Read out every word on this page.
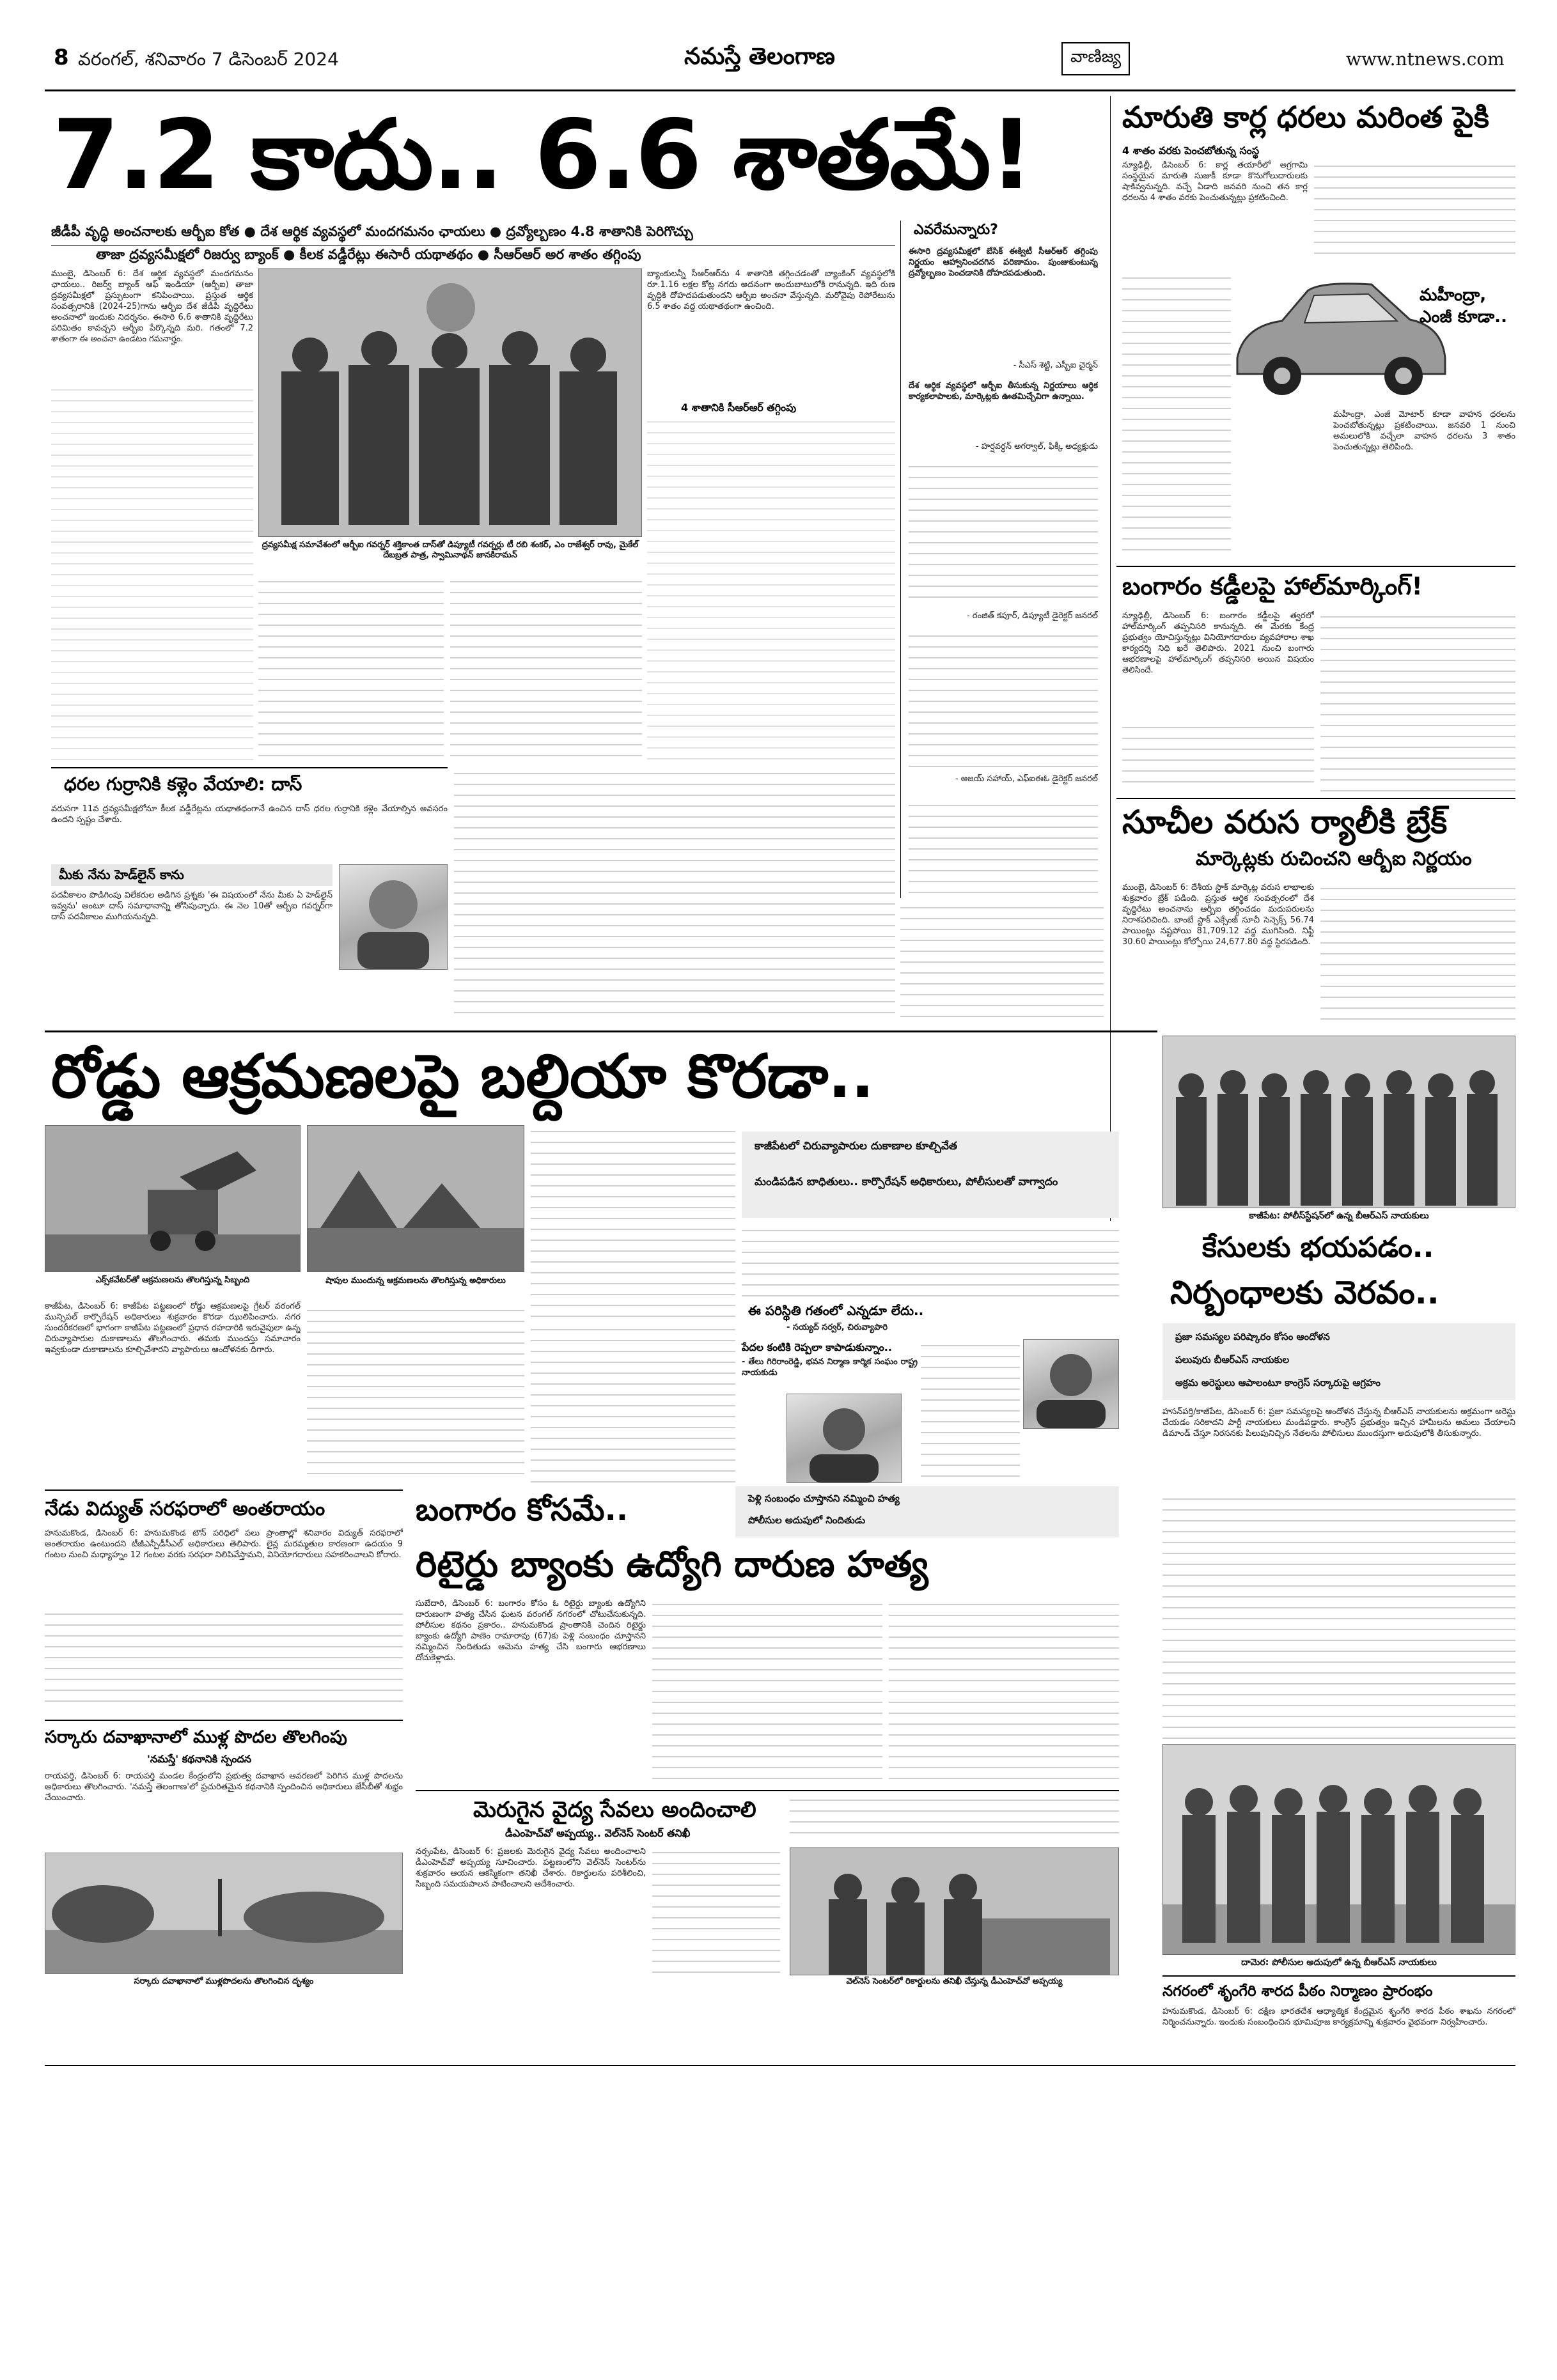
8 వరంగల్, శనివారం 7 డిసెంబర్ 2024	నమస్తే తెలంగాణ	వాణిజ్య	www.ntnews.com
7.2 కాదు.. 6.6 శాతమే!
జీడీపీ వృద్ధి అంచనాలకు ఆర్బీఐ కోత ● దేశ ఆర్థిక వ్యవస్థలో మందగమనం ఛాయలు ● ద్రవ్యోల్బణం 4.8 శాతానికి పెరిగొచ్చు
తాజా ద్రవ్యసమీక్షలో రిజర్వు బ్యాంక్ ● కీలక వడ్డీరేట్లు ఈసారీ యథాతథం ● సీఆర్ఆర్ అర శాతం తగ్గింపు
ముంబై, డిసెంబర్ 6: దేశ ఆర్థిక వ్యవస్థలో మందగమనం ఛాయలు.. రిజర్వ్ బ్యాంక్ ఆఫ్ ఇండియా (ఆర్బీఐ) తాజా ద్రవ్యసమీక్షలో ప్రస్ఫుటంగా కనిపించాయి. ప్రస్తుత ఆర్థిక సంవత్సరానికి (2024-25)గాను ఆర్బీఐ దేశ జీడీపీ వృద్ధిరేటు అంచనాలో ఇందుకు నిదర్శనం. ఈసారి 6.6 శాతానికి వృద్ధిరేటు పరిమితం కావచ్చని ఆర్బీఐ పేర్కొన్నది మరి. గతంలో 7.2 శాతంగా ఈ అంచనా ఉండటం గమనార్హం.
ద్రవ్యసమీక్ష సమావేశంలో ఆర్బీఐ గవర్నర్ శక్తికాంత దాస్‌తో డిప్యూటీ గవర్నర్లు టీ రబి శంకర్, ఎం రాజేశ్వర్ రావు, మైకేల్ దేబబ్రత పాత్ర, స్వామినాథన్ జానకిరామన్
బ్యాంకులన్నీ సీఆర్ఆర్‌ను 4 శాతానికి తగ్గించడంతో బ్యాంకింగ్ వ్యవస్థలోకి రూ.1.16 లక్షల కోట్ల నగదు అదనంగా అందుబాటులోకి రానున్నది. ఇది రుణ వృద్ధికి దోహదపడుతుందని ఆర్బీఐ అంచనా వేస్తున్నది. మరోవైపు రెపోరేటును 6.5 శాతం వద్ద యథాతథంగా ఉంచింది.
4 శాతానికి సీఆర్ఆర్ తగ్గింపు
ఎవరేమన్నారు?
ఈసారి ద్రవ్యసమీక్షలో బేసిక్ ఈక్విటీ సీఆర్ఆర్ తగ్గింపు నిర్ణయం ఆహ్వానించదగిన పరిణామం. పుంజుకుంటున్న ద్రవ్యోల్బణం పెంచడానికి దోహదపడుతుంది.
- సీఎస్ శెట్టి, ఎస్బీఐ చైర్మన్
దేశ ఆర్థిక వ్యవస్థలో ఆర్బీఐ తీసుకున్న నిర్ణయాలు ఆర్థిక కార్యకలాపాలకు, మార్కెట్లకు ఊతమిచ్చేవిగా ఉన్నాయి.
- హర్షవర్ధన్ అగర్వాల్, ఫిక్కీ అధ్యక్షుడు
- రంజిత్ కపూర్, డిప్యూటీ డైరెక్టర్ జనరల్
- అజయ్ సహాయ్, ఎఫ్ఐఈఓ డైరెక్టర్ జనరల్
ధరల గుర్రానికి కళ్లెం వేయాలి: దాస్
వరుసగా 11వ ద్రవ్యసమీక్షలోనూ కీలక వడ్డీరేట్లను యథాతథంగానే ఉంచిన దాస్ ధరల గుర్రానికి కళ్లెం వేయాల్సిన అవసరం ఉందని స్పష్టం చేశారు.
మీకు నేను హెడ్‌లైన్ కాను
పదవీకాలం పొడిగింపు విలేకరుల అడిగిన ప్రశ్నకు 'ఈ విషయంలో నేను మీకు ఏ హెడ్‌లైన్ ఇవ్వను' అంటూ దాస్ సమాధానాన్ని తోసిపుచ్చారు. ఈ నెల 10తో ఆర్బీఐ గవర్నర్‌గా దాస్ పదవీకాలం ముగియనున్నది.
మారుతి కార్ల ధరలు మరింత పైకి
4 శాతం వరకు పెంచబోతున్న సంస్థ
న్యూఢిల్లీ, డిసెంబర్ 6: కార్ల తయారీలో అగ్రగామి సంస్థయైన మారుతి సుజుకీ కూడా కొనుగోలుదారులకు షాకివ్వనున్నది. వచ్చే ఏడాది జనవరి నుంచి తన కార్ల ధరలను 4 శాతం వరకు పెంచుతున్నట్లు ప్రకటించింది.
మహీంద్రా, ఎంజీ కూడా..
మహీంద్రా, ఎంజీ మోటార్ కూడా వాహన ధరలను పెంచబోతున్నట్లు ప్రకటించాయి. జనవరి 1 నుంచి అమలులోకి వచ్చేలా వాహన ధరలను 3 శాతం పెంచుతున్నట్లు తెలిపింది.
బంగారం కడ్డీలపై హాల్‌మార్కింగ్!
న్యూఢిల్లీ, డిసెంబర్ 6: బంగారం కడ్డీలపై త్వరలో హాల్‌మార్కింగ్ తప్పనిసరి కానున్నది. ఈ మేరకు కేంద్ర ప్రభుత్వం యోచిస్తున్నట్లు వినియోగదారుల వ్యవహారాల శాఖ కార్యదర్శి నిధి ఖరే తెలిపారు. 2021 నుంచి బంగారు ఆభరణాలపై హాల్‌మార్కింగ్ తప్పనిసరి అయిన విషయం తెలిసిందే.
సూచీల వరుస ర్యాలీకి బ్రేక్
మార్కెట్లకు రుచించని ఆర్బీఐ నిర్ణయం
ముంబై, డిసెంబర్ 6: దేశీయ స్టాక్ మార్కెట్ల వరుస లాభాలకు శుక్రవారం బ్రేక్ పడింది. ప్రస్తుత ఆర్థిక సంవత్సరంలో దేశ వృద్ధిరేటు అంచనాను ఆర్బీఐ తగ్గించడం మదుపరులను నిరాశపరిచింది. బాంబే స్టాక్ ఎక్సేంజ్ సూచీ సెన్సెక్స్ 56.74 పాయింట్లు నష్టపోయి 81,709.12 వద్ద ముగిసింది. నిఫ్టీ 30.60 పాయింట్లు కోల్పోయి 24,677.80 వద్ద స్థిరపడింది.
రోడ్డు ఆక్రమణలపై బల్దియా కొరడా..
ఎక్స్‌కవేటర్‌తో ఆక్రమణలను తొలగిస్తున్న సిబ్బంది	షాపుల ముందున్న ఆక్రమణలను తొలగిస్తున్న అధికారులు
కాజీపేట, డిసెంబర్ 6: కాజీపేట పట్టణంలో రోడ్డు ఆక్రమణలపై గ్రేటర్ వరంగల్ మున్సిపల్ కార్పొరేషన్ అధికారులు శుక్రవారం కొరడా ఝులిపించారు. నగర సుందరీకరణలో భాగంగా కాజీపేట పట్టణంలో ప్రధాన రహదారికి ఇరువైపులా ఉన్న చిరువ్యాపారుల దుకాణాలను తొలగించారు. తమకు ముందస్తు సమాచారం ఇవ్వకుండా దుకాణాలను కూల్చివేశారని వ్యాపారులు ఆందోళనకు దిగారు.
కాజీపేటలో చిరువ్యాపారుల దుకాణాల కూల్చివేత
మండిపడిన బాధితులు.. కార్పొరేషన్ అధికారులు, పోలీసులతో వాగ్వాదం
ఈ పరిస్థితి గతంలో ఎన్నడూ లేదు..
- సయ్యద్ సర్వర్, చిరువ్యాపారి
పేదల కంటికి రెప్పలా కాపాడుకున్నాం..
- తేలు గిరిరాంరెడ్డి, భవన నిర్మాణ కార్మిక సంఘం రాష్ట్ర నాయకుడు
కాజీపేట: పోలీస్‌స్టేషన్‌లో ఉన్న బీఆర్ఎస్ నాయకులు
కేసులకు భయపడం..
నిర్బంధాలకు వెరవం..
ప్రజా సమస్యల పరిష్కారం కోసం ఆందోళన
పలువురు బీఆర్ఎస్ నాయకుల
అక్రమ అరెస్టులు ఆపాలంటూ కాంగ్రెస్ సర్కారుపై ఆగ్రహం
హసన్‌పర్తి/కాజీపేట, డిసెంబర్ 6: ప్రజా సమస్యలపై ఆందోళన చేస్తున్న బీఆర్ఎస్ నాయకులను అక్రమంగా అరెస్టు చేయడం సరికాదని పార్టీ నాయకులు మండిపడ్డారు. కాంగ్రెస్ ప్రభుత్వం ఇచ్చిన హామీలను అమలు చేయాలని డిమాండ్ చేస్తూ నిరసనకు పిలుపునిచ్చిన నేతలను పోలీసులు ముందస్తుగా అదుపులోకి తీసుకున్నారు.
దామెర: పోలీసుల అదుపులో ఉన్న బీఆర్ఎస్ నాయకులు
నేడు విద్యుత్ సరఫరాలో అంతరాయం
హనుమకొండ, డిసెంబర్ 6: హనుమకొండ టౌన్ పరిధిలో పలు ప్రాంతాల్లో శనివారం విద్యుత్ సరఫరాలో అంతరాయం ఉంటుందని టీజీఎన్పీడీసీఎల్ అధికారులు తెలిపారు. లైన్ల మరమ్మతుల కారణంగా ఉదయం 9 గంటల నుంచి మధ్యాహ్నం 12 గంటల వరకు సరఫరా నిలిపివేస్తామని, వినియోగదారులు సహకరించాలని కోరారు.
సర్కారు దవాఖానాలో ముళ్ల పొదల తొలగింపు
'నమస్తే' కథనానికి స్పందన
రాయపర్తి, డిసెంబర్ 6: రాయపర్తి మండల కేంద్రంలోని ప్రభుత్వ దవాఖాన ఆవరణలో పెరిగిన ముళ్ల పొదలను అధికారులు తొలగించారు. 'నమస్తే తెలంగాణ'లో ప్రచురితమైన కథనానికి స్పందించిన అధికారులు జేసీబీతో శుభ్రం చేయించారు.
సర్కారు దవాఖానాలో ముళ్లపొదలను తొలగించిన దృశ్యం
పెళ్లి సంబంధం చూస్తానని నమ్మించి హత్య
పోలీసుల అదుపులో నిందితుడు
బంగారం కోసమే..
రిటైర్డు బ్యాంకు ఉద్యోగి దారుణ హత్య
సుబేదారి, డిసెంబర్ 6: బంగారం కోసం ఓ రిటైర్డు బ్యాంకు ఉద్యోగిని దారుణంగా హత్య చేసిన ఘటన వరంగల్ నగరంలో చోటుచేసుకున్నది. పోలీసుల కథనం ప్రకారం.. హనుమకొండ ప్రాంతానికి చెందిన రిటైర్డు బ్యాంకు ఉద్యోగి పాణెం రామారావు (67)కు పెళ్లి సంబంధం చూస్తానని నమ్మించిన నిందితుడు ఆమెను హత్య చేసి బంగారు ఆభరణాలు దోచుకెళ్లాడు.
మెరుగైన వైద్య సేవలు అందించాలి
డీఎంహెచ్‌వో అప్పయ్య.. వెల్‌నెస్ సెంటర్ తనిఖీ
నర్సంపేట, డిసెంబర్ 6: ప్రజలకు మెరుగైన వైద్య సేవలు అందించాలని డీఎంహెచ్‌వో అప్పయ్య సూచించారు. పట్టణంలోని వెల్‌నెస్ సెంటర్‌ను శుక్రవారం ఆయన ఆకస్మికంగా తనిఖీ చేశారు. రికార్డులను పరిశీలించి, సిబ్బంది సమయపాలన పాటించాలని ఆదేశించారు.
వెల్‌నెస్ సెంటర్‌లో రికార్డులను తనిఖీ చేస్తున్న డీఎంహెచ్‌వో అప్పయ్య
నగరంలో శృంగేరి శారద పీఠం నిర్మాణం ప్రారంభం
హనుమకొండ, డిసెంబర్ 6: దక్షిణ భారతదేశ ఆధ్యాత్మిక కేంద్రమైన శృంగేరి శారద పీఠం శాఖను నగరంలో నిర్మించనున్నారు. ఇందుకు సంబంధించిన భూమిపూజ కార్యక్రమాన్ని శుక్రవారం వైభవంగా నిర్వహించారు.
